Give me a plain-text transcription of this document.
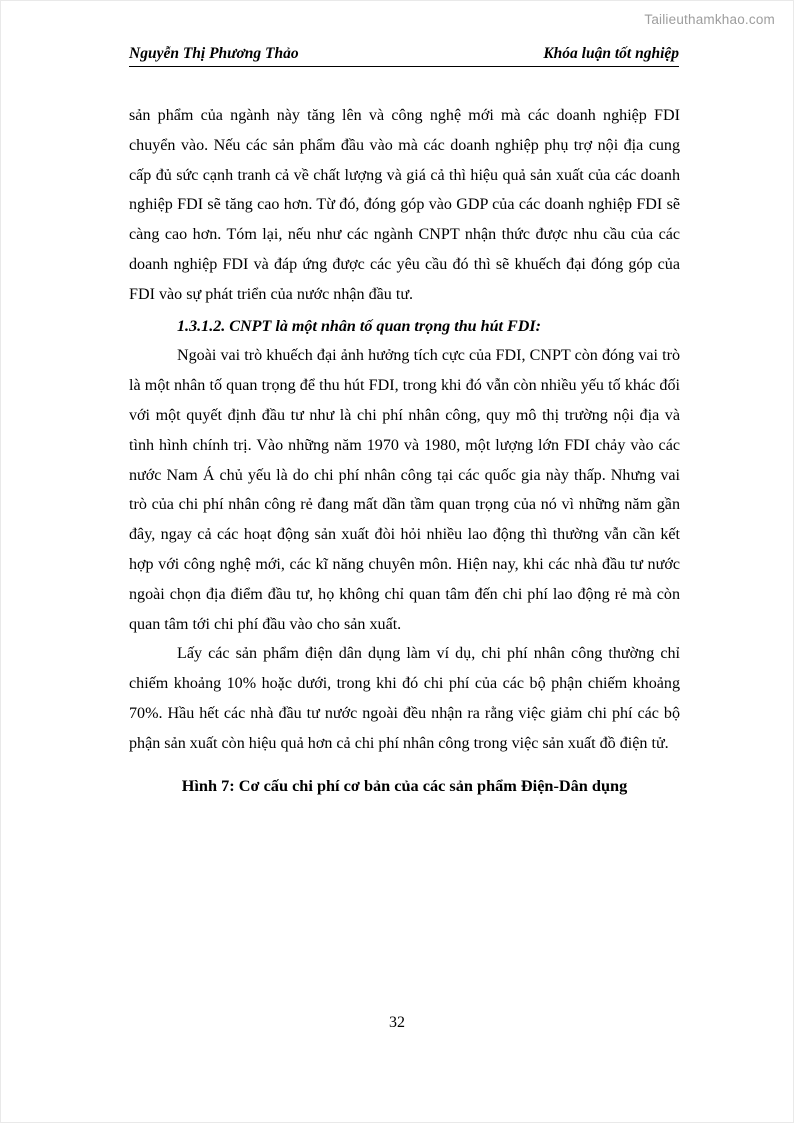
Tailieuthamkhao.com
Nguyễn Thị Phương Thảo	Khóa luận tốt nghiệp

sản phẩm của ngành này tăng lên và công nghệ mới mà các doanh nghiệp FDI chuyển vào. Nếu các sản phẩm đầu vào mà các doanh nghiệp phụ trợ nội địa cung cấp đủ sức cạnh tranh cả về chất lượng và giá cả thì hiệu quả sản xuất của các doanh nghiệp FDI sẽ tăng cao hơn. Từ đó, đóng góp vào GDP của các doanh nghiệp FDI sẽ càng cao hơn. Tóm lại, nếu như các ngành CNPT nhận thức được nhu cầu của các doanh nghiệp FDI và đáp ứng được các yêu cầu đó thì sẽ khuếch đại đóng góp của FDI vào sự phát triển của nước nhận đầu tư.

1.3.1.2. CNPT là một nhân tố quan trọng thu hút FDI:

Ngoài vai trò khuếch đại ảnh hưởng tích cực của FDI, CNPT còn đóng vai trò là một nhân tố quan trọng để thu hút FDI, trong khi đó vẫn còn nhiều yếu tố khác đối với một quyết định đầu tư như là chi phí nhân công, quy mô thị trường nội địa và tình hình chính trị. Vào những năm 1970 và 1980, một lượng lớn FDI chảy vào các nước Nam Á chủ yếu là do chi phí nhân công tại các quốc gia này thấp. Nhưng vai trò của chi phí nhân công rẻ đang mất dần tầm quan trọng của nó vì những năm gần đây, ngay cả các hoạt động sản xuất đòi hỏi nhiều lao động thì thường vẫn cần kết hợp với công nghệ mới, các kĩ năng chuyên môn. Hiện nay, khi các nhà đầu tư nước ngoài chọn địa điểm đầu tư, họ không chỉ quan tâm đến chi phí lao động rẻ mà còn quan tâm tới chi phí đầu vào cho sản xuất.

Lấy các sản phẩm điện dân dụng làm ví dụ, chi phí nhân công thường chỉ chiếm khoảng 10% hoặc dưới, trong khi đó chi phí của các bộ phận chiếm khoảng 70%. Hầu hết các nhà đầu tư nước ngoài đều nhận ra rằng việc giảm chi phí các bộ phận sản xuất còn hiệu quả hơn cả chi phí nhân công trong việc sản xuất đồ điện tử.

Hình 7: Cơ cấu chi phí cơ bản của các sản phẩm Điện-Dân dụng

32
